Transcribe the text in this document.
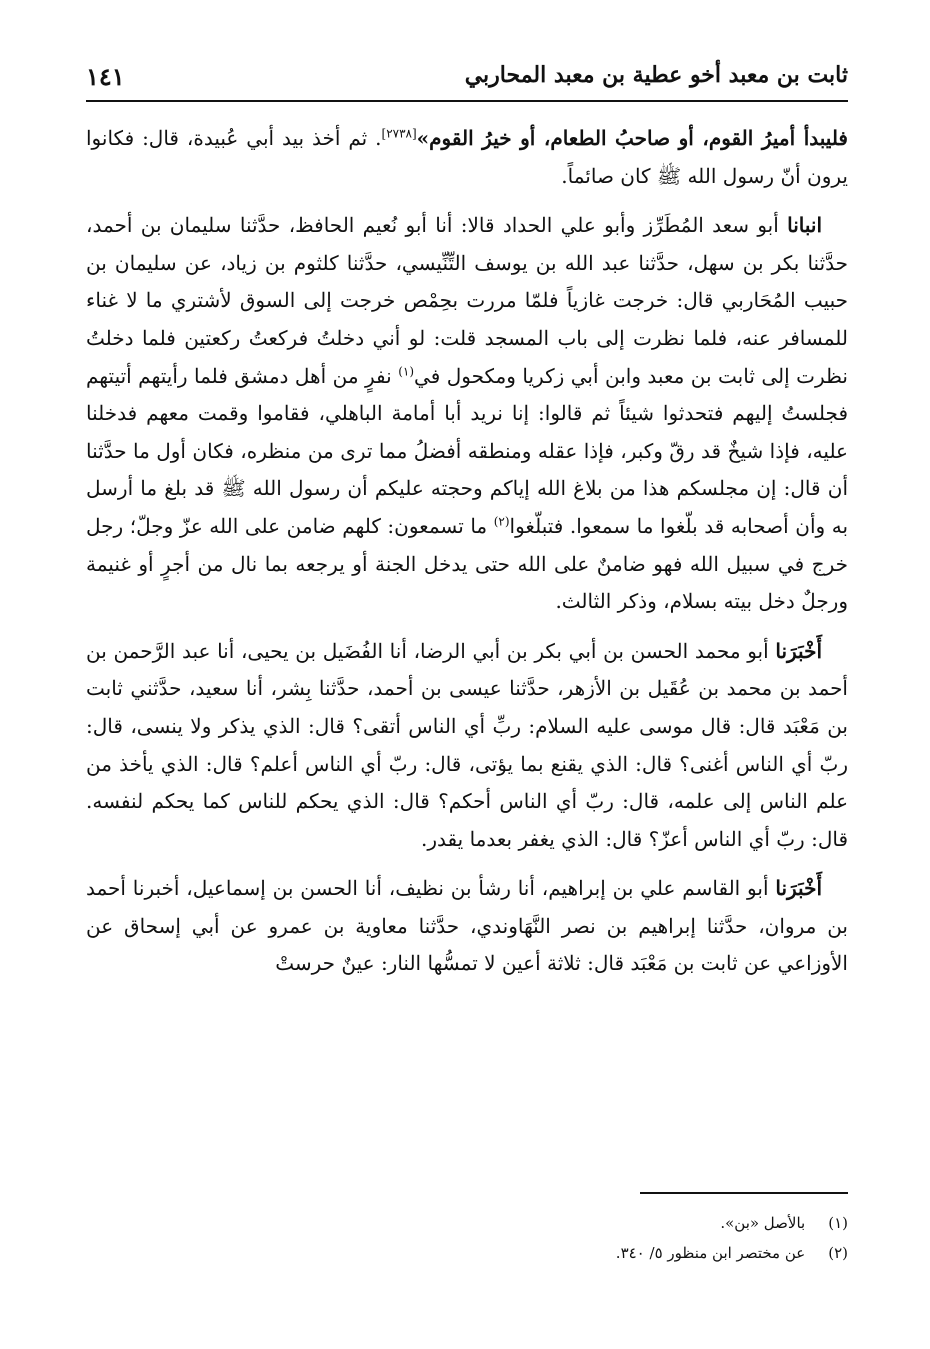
ثابت بن معبد أخو عطية بن معبد المحاربي
١٤١

فليبدأ أميرُ القوم، أو صاحبُ الطعام، أو خيرُ القوم»[٢٧٣٨]. ثم أخذ بيد أبي عُبيدة، قال: فكانوا يرون أنّ رسول الله ﷺ كان صائماً.

انبانا أبو سعد المُطَرِّز وأبو علي الحداد قالا: أنا أبو نُعيم الحافظ، حدَّثنا سليمان بن أحمد، حدَّثنا بكر بن سهل، حدَّثنا عبد الله بن يوسف التِّنِّيسي، حدَّثنا كلثوم بن زياد، عن سليمان بن حبيب المُحَاربي قال: خرجت غازياً فلمّا مررت بحِمْص خرجت إلى السوق لأشتري ما لا غناء للمسافر عنه، فلما نظرت إلى باب المسجد قلت: لو أني دخلتُ فركعتُ ركعتين فلما دخلتُ نظرت إلى ثابت بن معبد وابن أبي زكريا ومكحول في$^{(١)}$ نفرٍ من أهل دمشق فلما رأيتهم أتيتهم فجلستُ إليهم فتحدثوا شيئاً ثم قالوا: إنا نريد أبا أمامة الباهلي، فقاموا وقمت معهم فدخلنا عليه، فإذا شيخٌ قد رقّ وكبر، فإذا عقله ومنطقه أفضلُ مما ترى من منظره، فكان أول ما حدَّثنا أن قال: إن مجلسكم هذا من بلاغ الله إياكم وحجته عليكم أن رسول الله ﷺ قد بلغ ما أرسل به وأن أصحابه قد بلّغوا ما سمعوا. فتبلّغوا$^{(٢)}$ ما تسمعون: كلهم ضامن على الله عزّ وجلّ؛ رجل خرج في سبيل الله فهو ضامنٌ على الله حتى يدخل الجنة أو يرجعه بما نال من أجرٍ أو غنيمة ورجلٌ دخل بيته بسلام، وذكر الثالث.

أَخْبَرَنا أبو محمد الحسن بن أبي بكر بن أبي الرضا، أنا الفُضَيل بن يحيى، أنا عبد الرَّحمن بن أحمد بن محمد بن عُقَيل بن الأزهر، حدَّثنا عيسى بن أحمد، حدَّثنا بِشر، أنا سعيد، حدَّثني ثابت بن مَعْبَد قال: قال موسى عليه السلام: ربِّ أي الناس أتقى؟ قال: الذي يذكر ولا ينسى، قال: ربّ أي الناس أغنى؟ قال: الذي يقنع بما يؤتى، قال: ربّ أي الناس أعلم؟ قال: الذي يأخذ من علم الناس إلى علمه، قال: ربّ أي الناس أحكم؟ قال: الذي يحكم للناس كما يحكم لنفسه. قال: ربّ أي الناس أعزّ؟ قال: الذي يغفر بعدما يقدر.

أَخْبَرَنا أبو القاسم علي بن إبراهيم، أنا رشأ بن نظيف، أنا الحسن بن إسماعيل، أخبرنا أحمد بن مروان، حدَّثنا إبراهيم بن نصر النَّهَاوندي، حدَّثنا معاوية بن عمرو عن أبي إسحاق عن الأوزاعي عن ثابت بن مَعْبَد قال: ثلاثة أعين لا تمسُّها النار: عينٌ حرستْ

(١) بالأصل «بن».
(٢) عن مختصر ابن منظور ٥/ ٣٤٠.
